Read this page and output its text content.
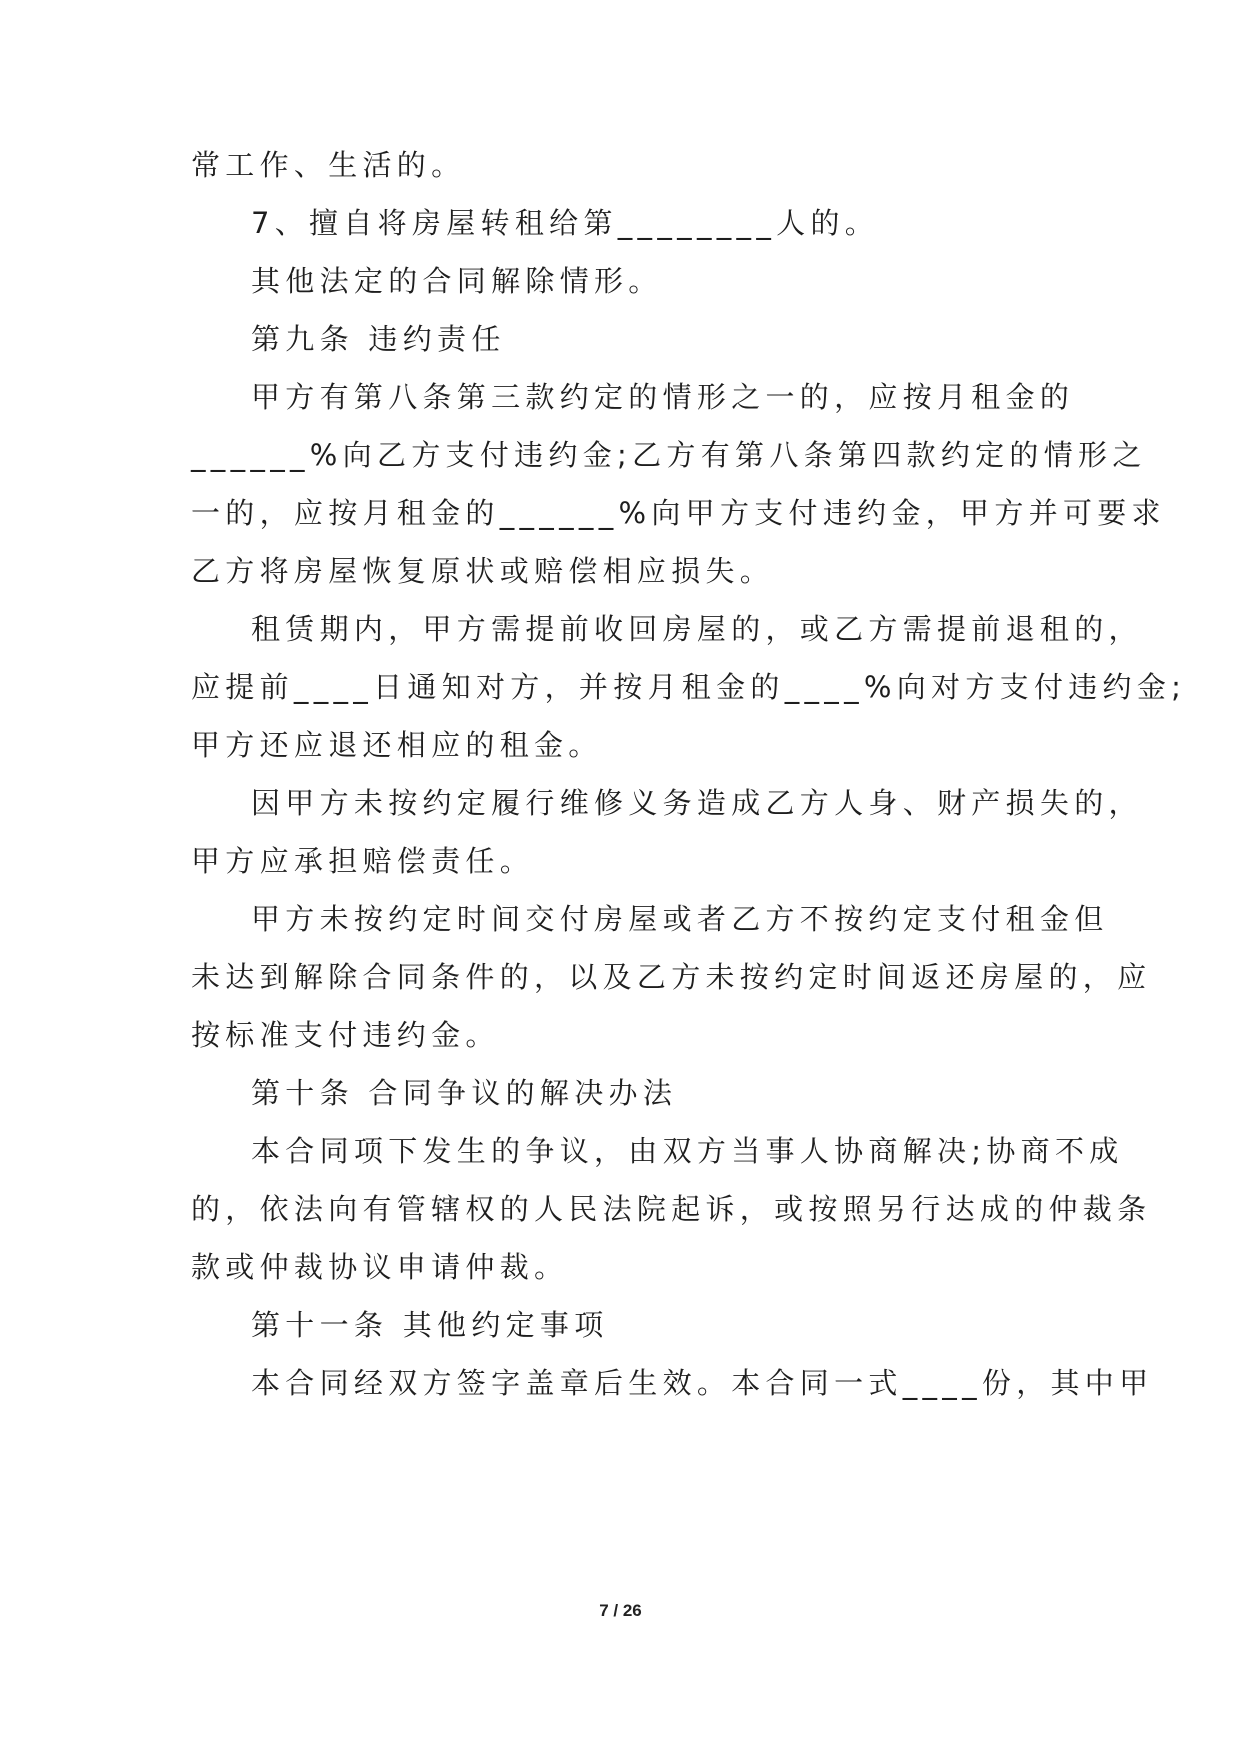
常工作、生活的。

7、擅自将房屋转租给第________人的。

其他法定的合同解除情形。

第九条 违约责任

甲方有第八条第三款约定的情形之一的，应按月租金的

______%向乙方支付违约金;乙方有第八条第四款约定的情形之

一的，应按月租金的______%向甲方支付违约金，甲方并可要求

乙方将房屋恢复原状或赔偿相应损失。

租赁期内，甲方需提前收回房屋的，或乙方需提前退租的，

应提前____日通知对方，并按月租金的____%向对方支付违约金;

甲方还应退还相应的租金。

因甲方未按约定履行维修义务造成乙方人身、财产损失的，

甲方应承担赔偿责任。

甲方未按约定时间交付房屋或者乙方不按约定支付租金但

未达到解除合同条件的，以及乙方未按约定时间返还房屋的，应

按标准支付违约金。

第十条 合同争议的解决办法

本合同项下发生的争议，由双方当事人协商解决;协商不成

的，依法向有管辖权的人民法院起诉，或按照另行达成的仲裁条

款或仲裁协议申请仲裁。

第十一条 其他约定事项

本合同经双方签字盖章后生效。本合同一式____份，其中甲

7 / 26
